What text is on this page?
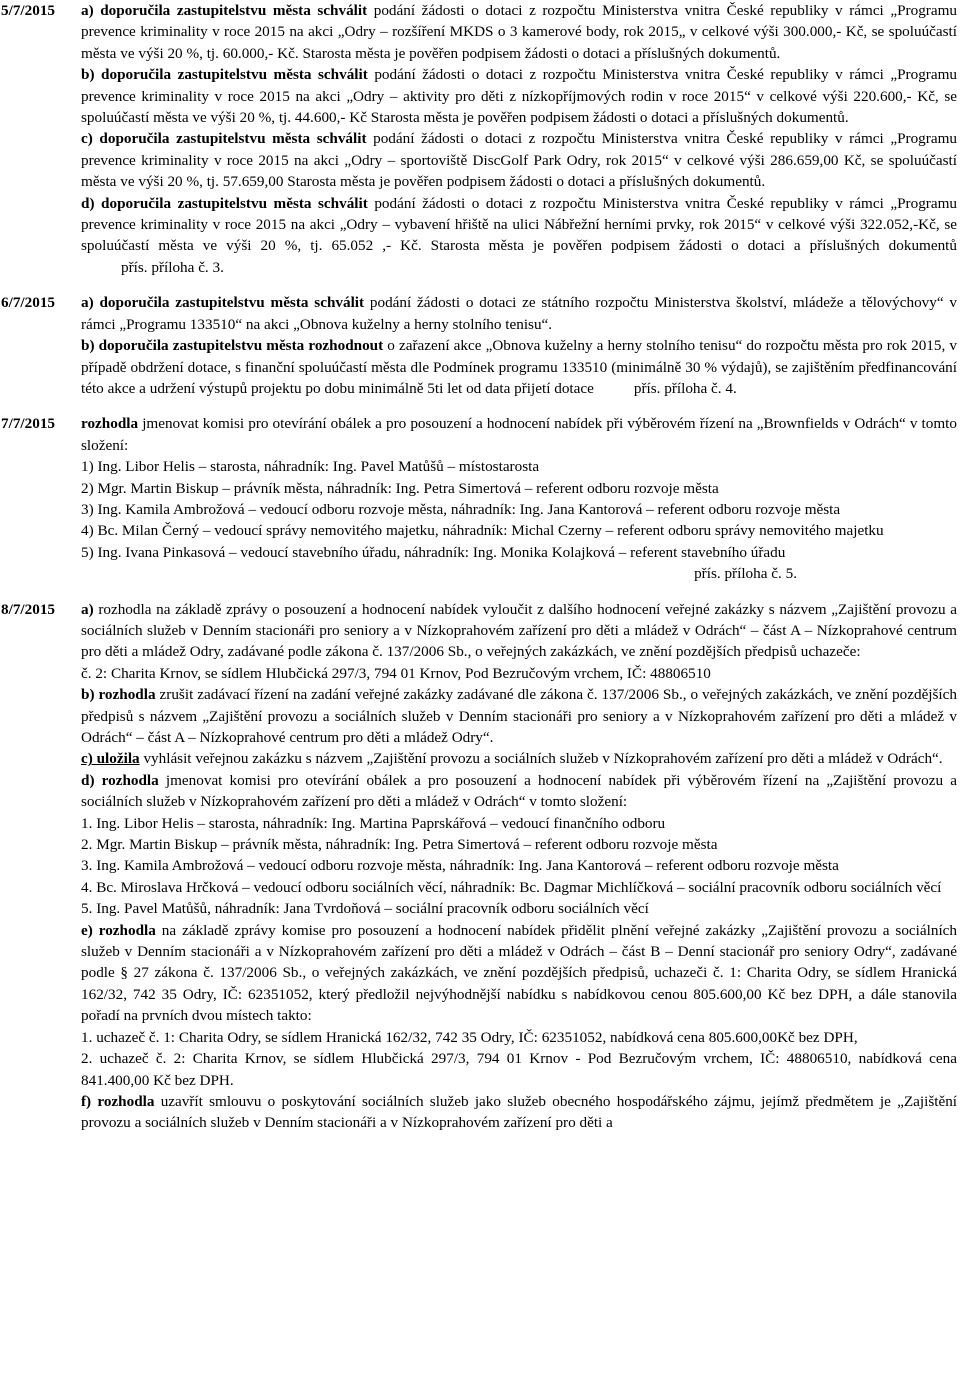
5/7/2015	a) doporučila zastupitelstvu města schválit podání žádosti o dotaci z rozpočtu Ministerstva vnitra České republiky v rámci „Programu prevence kriminality v roce 2015 na akci „Odry – rozšíření MKDS o 3 kamerové body, rok 2015„ v celkové výši 300.000,- Kč, se spoluúčastí města ve výši 20 %, tj. 60.000,- Kč. Starosta města je pověřen podpisem žádosti o dotaci a příslušných dokumentů.

b) doporučila zastupitelstvu města schválit podání žádosti o dotaci z rozpočtu Ministerstva vnitra České republiky v rámci „Programu prevence kriminality v roce 2015 na akci „Odry – aktivity pro děti z nízkopříjmových rodin v roce 2015“ v celkové výši 220.600,- Kč, se spoluúčastí města ve výši 20 %, tj. 44.600,- Kč Starosta města je pověřen podpisem žádosti o dotaci a příslušných dokumentů.

c) doporučila zastupitelstvu města schválit podání žádosti o dotaci z rozpočtu Ministerstva vnitra České republiky v rámci „Programu prevence kriminality v roce 2015 na akci „Odry – sportoviště DiscGolf Park Odry, rok 2015“ v celkové výši 286.659,00 Kč, se spoluúčastí města ve výši 20 %, tj. 57.659,00 Starosta města je pověřen podpisem žádosti o dotaci a příslušných dokumentů.

d) doporučila zastupitelstvu města schválit podání žádosti o dotaci z rozpočtu Ministerstva vnitra České republiky v rámci „Programu prevence kriminality v roce 2015 na akci „Odry – vybavení hřiště na ulici Nábřežní herními prvky, rok 2015“ v celkové výši 322.052,-Kč, se spoluúčastí města ve výši 20 %, tj. 65.052 ,- Kč. Starosta města je pověřen podpisem žádosti o dotaci a příslušných dokumentůpřís. příloha č. 3.

6/7/2015	a) doporučila zastupitelstvu města schválit podání žádosti o dotaci ze státního rozpočtu Ministerstva školství, mládeže a tělovýchovy“ v rámci „Programu 133510“ na akci „Obnova kuželny a herny stolního tenisu“.

b) doporučila zastupitelstvu města rozhodnout o zařazení akce „Obnova kuželny a herny stolního tenisu“ do rozpočtu města pro rok 2015, v případě obdržení dotace, s finanční spoluúčastí města dle Podmínek programu 133510 (minimálně 30 % výdajů), se zajištěním předfinancování této akce a udržení výstupů projektu po dobu minimálně 5ti let od data přijetí dotace	přís. příloha č. 4.

7/7/2015	rozhodla jmenovat komisi pro otevírání obálek a pro posouzení a hodnocení nabídek při výběrovém řízení na „Brownfields v Odrách“ v tomto složení:

1) Ing. Libor Helis – starosta, náhradník: Ing. Pavel Matůšů – místostarosta

2) Mgr. Martin Biskup – právník města, náhradník: Ing. Petra Simertová – referent odboru rozvoje města

3) Ing. Kamila Ambrožová – vedoucí odboru rozvoje města, náhradník: Ing. Jana Kantorová – referent odboru rozvoje města

4) Bc. Milan Černý – vedoucí správy nemovitého majetku, náhradník: Michal Czerny – referent odboru správy nemovitého majetku

5) Ing. Ivana Pinkasová – vedoucí stavebního úřadu, náhradník: Ing. Monika Kolajková – referent stavebního úřadu

přís. příloha č. 5.

8/7/2015	a) rozhodla na základě zprávy o posouzení a hodnocení nabídek vyloučit z dalšího hodnocení veřejné zakázky s názvem „Zajištění provozu a sociálních služeb v Denním stacionáři pro seniory a v Nízkoprahovém zařízení pro děti a mládež v Odrách“ – část A – Nízkoprahové centrum pro děti a mládež Odry, zadávané podle zákona č. 137/2006 Sb., o veřejných zakázkách, ve znění pozdějších předpisů uchazeče:

č. 2: Charita Krnov, se sídlem Hlubčická 297/3, 794 01 Krnov, Pod Bezručovým vrchem, IČ: 48806510

b) rozhodla zrušit zadávací řízení na zadání veřejné zakázky zadávané dle zákona č. 137/2006 Sb., o veřejných zakázkách, ve znění pozdějších předpisů s názvem „Zajištění provozu a sociálních služeb v Denním stacionáři pro seniory a v Nízkoprahovém zařízení pro děti a mládež v Odrách“ – část A – Nízkoprahové centrum pro děti a mládež Odry“.

c) uložila vyhlásit veřejnou zakázku s názvem „Zajištění provozu a sociálních služeb v Nízkoprahovém zařízení pro děti a mládež v Odrách“.

d) rozhodla jmenovat komisi pro otevírání obálek a pro posouzení a hodnocení nabídek při výběrovém řízení na „Zajištění provozu a sociálních služeb v Nízkoprahovém zařízení pro děti a mládež v Odrách“ v tomto složení:

1. Ing. Libor Helis – starosta, náhradník: Ing. Martina Paprskářová – vedoucí finančního odboru

2. Mgr. Martin Biskup – právník města, náhradník: Ing. Petra Simertová – referent odboru rozvoje města

3. Ing. Kamila Ambrožová – vedoucí odboru rozvoje města, náhradník: Ing. Jana Kantorová – referent odboru rozvoje města

4. Bc. Miroslava Hrčková – vedoucí odboru sociálních věcí, náhradník: Bc. Dagmar Michlíčková – sociální pracovník odboru sociálních věcí

5. Ing. Pavel Matůšů, náhradník: Jana Tvrdoňová – sociální pracovník odboru sociálních věcí

e) rozhodla na základě zprávy komise pro posouzení a hodnocení nabídek přidělit plnění veřejné zakázky „Zajištění provozu a sociálních služeb v Denním stacionáři a v Nízkoprahovém zařízení pro děti a mládež v Odrách – část B – Denní stacionář pro seniory Odry“, zadávané podle § 27 zákona č. 137/2006 Sb., o veřejných zakázkách, ve znění pozdějších předpisů, uchazeči č. 1: Charita Odry, se sídlem Hranická 162/32, 742 35 Odry, IČ: 62351052, který předložil nejvýhodnější nabídku s nabídkovou cenou 805.600,00 Kč bez DPH, a dále stanovila pořadí na prvních dvou místech takto:

1. uchazeč č. 1: Charita Odry, se sídlem Hranická 162/32, 742 35 Odry, IČ: 62351052, nabídková cena 805.600,00Kč bez DPH,

2. uchazeč č. 2: Charita Krnov, se sídlem Hlubčická 297/3, 794 01 Krnov - Pod Bezručovým vrchem, IČ: 48806510, nabídková cena 841.400,00 Kč bez DPH.

f) rozhodla uzavřít smlouvu o poskytování sociálních služeb jako služeb obecného hospodářského zájmu, jejímž předmětem je „Zajištění provozu a sociálních služeb v Denním stacionáři a v Nízkoprahovém zařízení pro děti a
